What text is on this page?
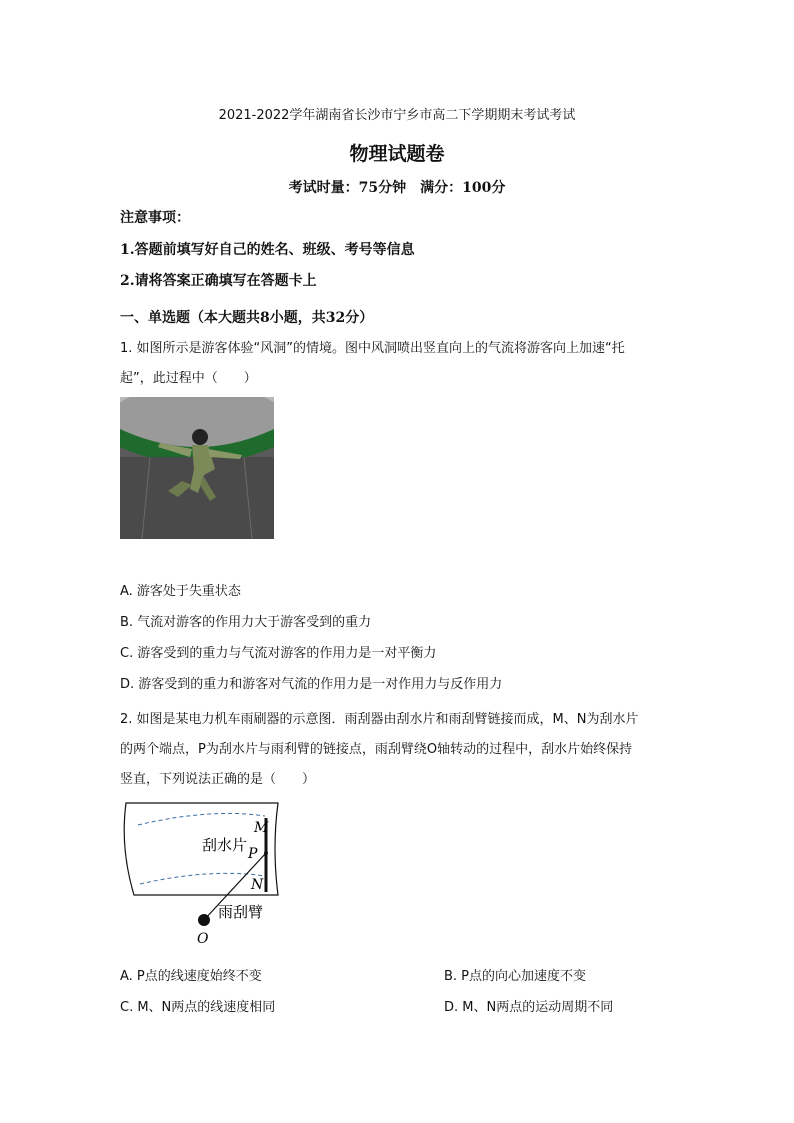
2021-2022学年湖南省长沙市宁乡市高二下学期期末考试考试
物理试题卷
考试时量：75分钟　满分：100分
注意事项：
1.答题前填写好自己的姓名、班级、考号等信息
2.请将答案正确填写在答题卡上
一、单选题（本大题共8小题，共32分）
1. 如图所示是游客体验“风洞”的情境。图中风洞喷出竖直向上的气流将游客向上加速“托
起”，此过程中（　　）
A. 游客处于失重状态
B. 气流对游客的作用力大于游客受到的重力
C. 游客受到的重力与气流对游客的作用力是一对平衡力
D. 游客受到的重力和游客对气流的作用力是一对作用力与反作用力
2. 如图是某电力机车雨刷器的示意图．雨刮器由刮水片和雨刮臂链接而成，M、N为刮水片
的两个端点，P为刮水片与雨利臂的链接点，雨刮臂绕O轴转动的过程中，刮水片始终保持
竖直，下列说法正确的是（　　）
M
P
N
O
刮水片
雨刮臂
A. P点的线速度始终不变	B. P点的向心加速度不变
C. M、N两点的线速度相同	D. M、N两点的运动周期不同
